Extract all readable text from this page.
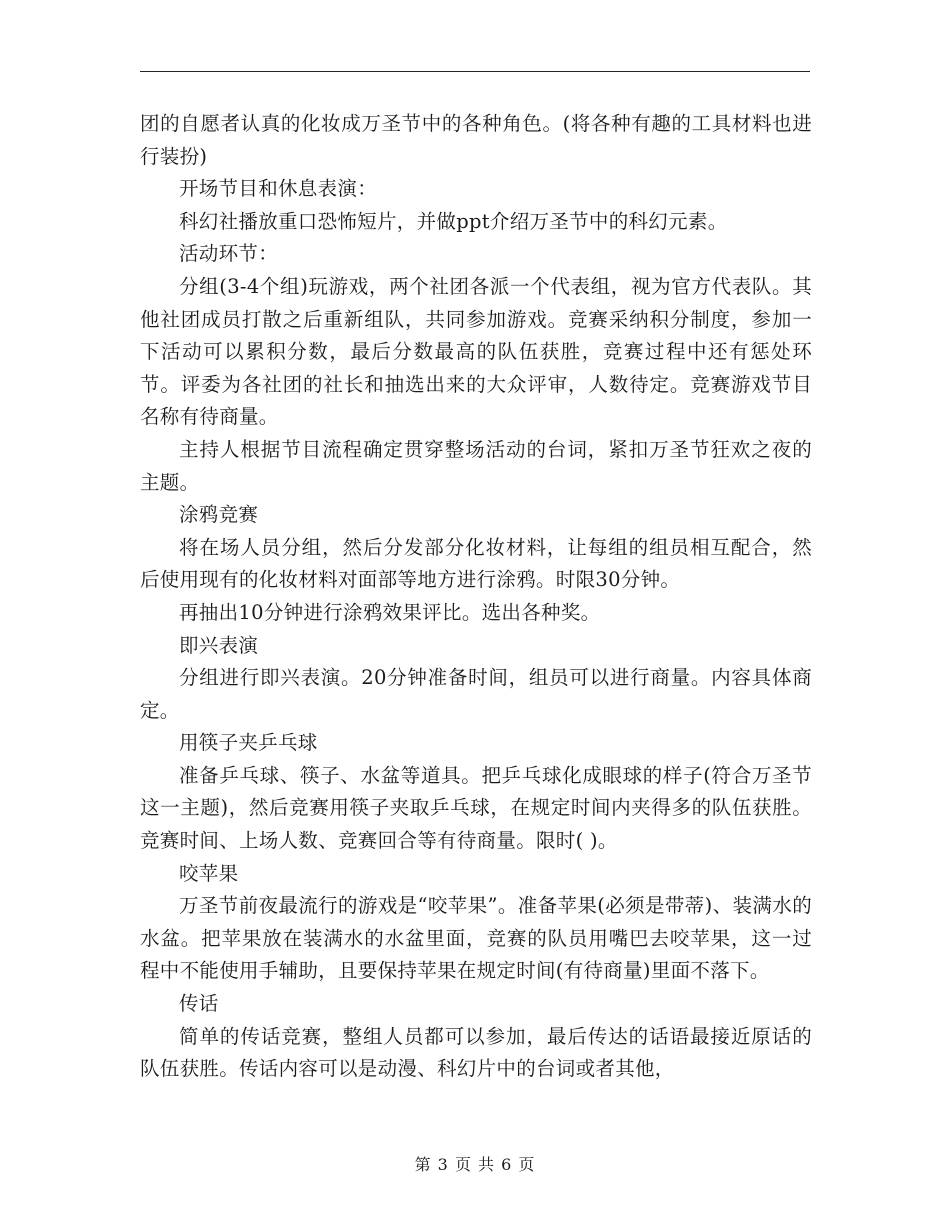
团的自愿者认真的化妆成万圣节中的各种角色。(将各种有趣的工具材料也进行装扮)

开场节目和休息表演：

科幻社播放重口恐怖短片，并做ppt介绍万圣节中的科幻元素。

活动环节：

分组(3-4个组)玩游戏，两个社团各派一个代表组，视为官方代表队。其他社团成员打散之后重新组队，共同参加游戏。竞赛采纳积分制度，参加一下活动可以累积分数，最后分数最高的队伍获胜，竞赛过程中还有惩处环节。评委为各社团的社长和抽选出来的大众评审，人数待定。竞赛游戏节目名称有待商量。

主持人根据节目流程确定贯穿整场活动的台词，紧扣万圣节狂欢之夜的主题。

涂鸦竞赛

将在场人员分组，然后分发部分化妆材料，让每组的组员相互配合，然后使用现有的化妆材料对面部等地方进行涂鸦。时限30分钟。

再抽出10分钟进行涂鸦效果评比。选出各种奖。

即兴表演

分组进行即兴表演。20分钟准备时间，组员可以进行商量。内容具体商定。

用筷子夹乒乓球

准备乒乓球、筷子、水盆等道具。把乒乓球化成眼球的样子(符合万圣节这一主题)，然后竞赛用筷子夹取乒乓球，在规定时间内夹得多的队伍获胜。竞赛时间、上场人数、竞赛回合等有待商量。限时( )。

咬苹果

万圣节前夜最流行的游戏是“咬苹果”。准备苹果(必须是带蒂)、装满水的水盆。把苹果放在装满水的水盆里面，竞赛的队员用嘴巴去咬苹果，这一过程中不能使用手辅助，且要保持苹果在规定时间(有待商量)里面不落下。

传话

简单的传话竞赛，整组人员都可以参加，最后传达的话语最接近原话的队伍获胜。传话内容可以是动漫、科幻片中的台词或者其他，

第 3 页 共 6 页
